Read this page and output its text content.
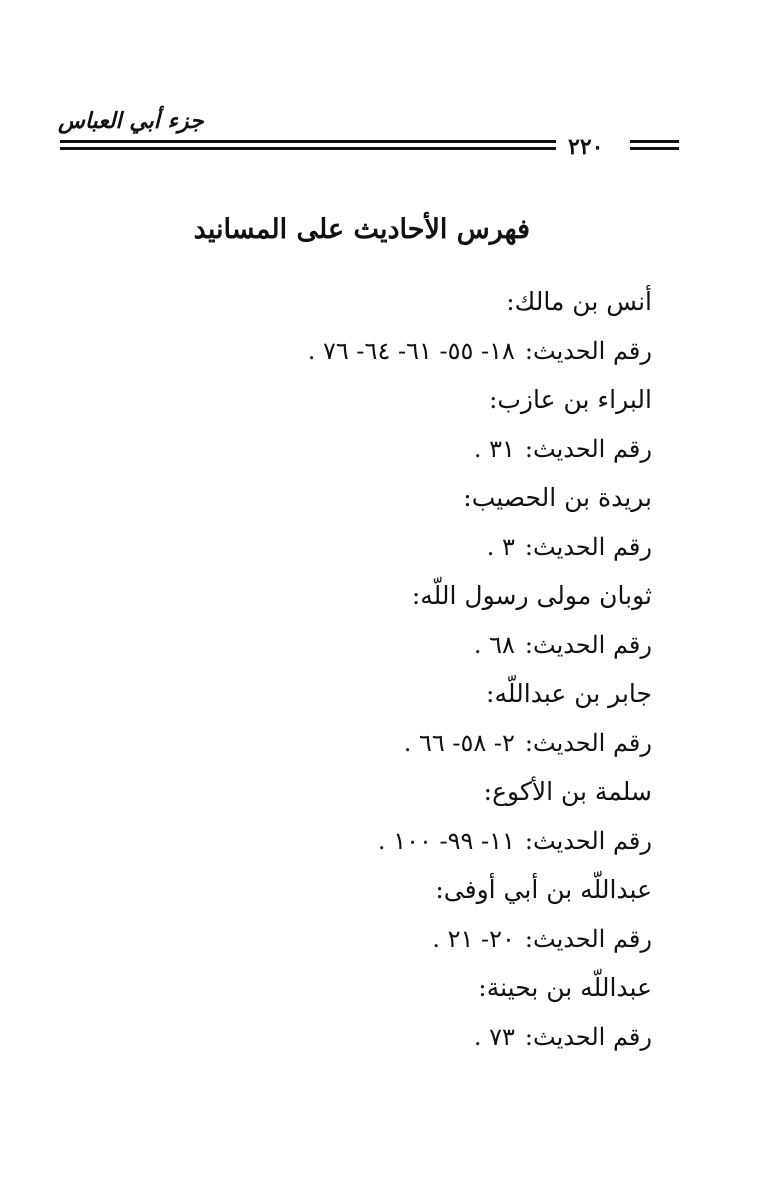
جزء أبي العباس
٢٢٠
فهرس الأحاديث على المسانيد
أنس بن مالك:
رقم الحديث:١٨- ٥٥- ٦١- ٦٤- ٧٦ .
البراء بن عازب:
رقم الحديث:٣١ .
بريدة بن الحصيب:
رقم الحديث:٣ .
ثوبان مولى رسول اللّه:
رقم الحديث:٦٨ .
جابر بن عبداللّه:
رقم الحديث:٢- ٥٨- ٦٦ .
سلمة بن الأكوع:
رقم الحديث:١١- ٩٩- ١٠٠ .
عبداللّه بن أبي أوفى:
رقم الحديث:٢٠- ٢١ .
عبداللّه بن بحينة:
رقم الحديث:٧٣ .
